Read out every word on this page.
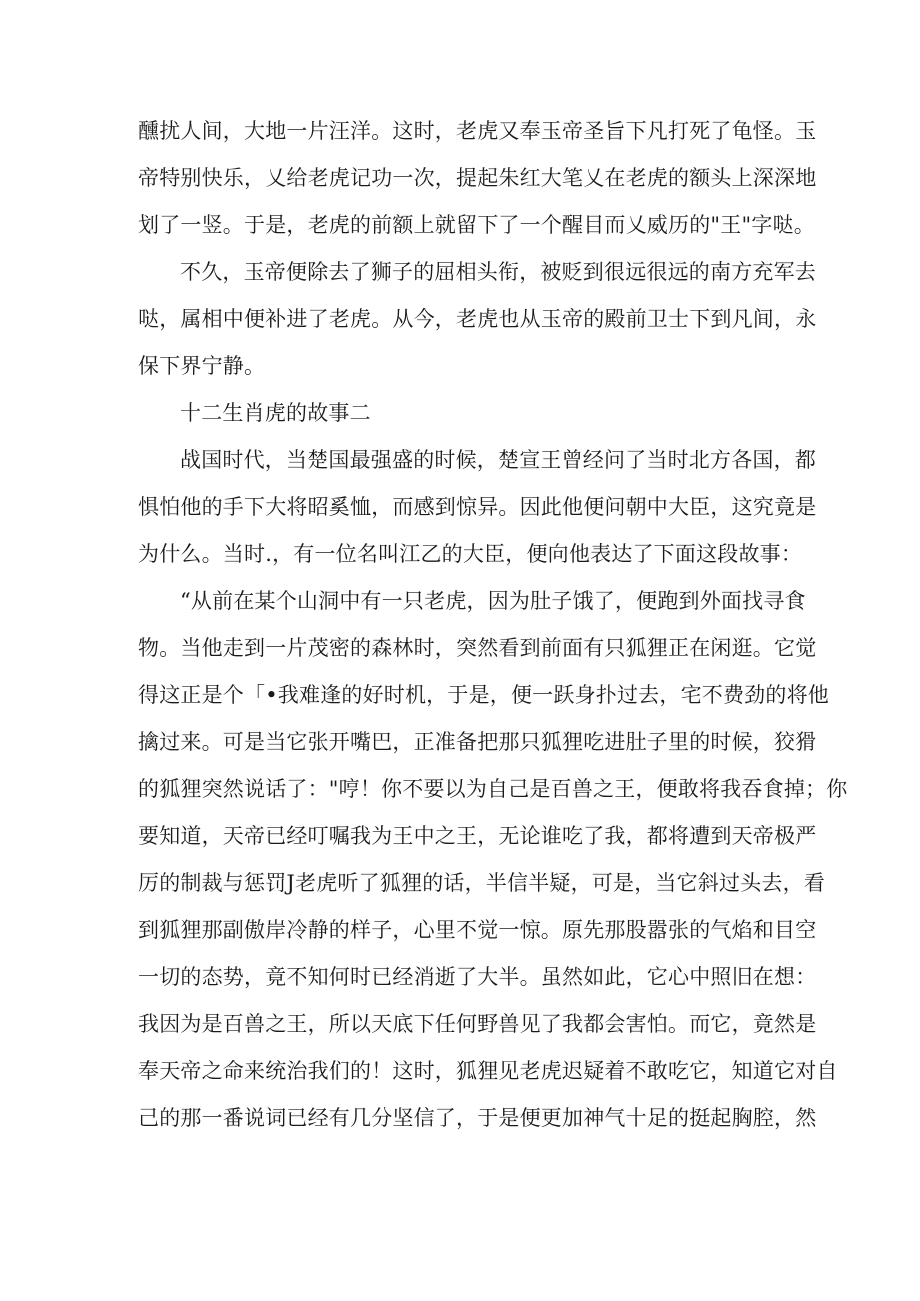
醺扰人间，大地一片汪洋。这时，老虎又奉玉帝圣旨下凡打死了龟怪。玉
帝特别快乐，乂给老虎记功一次，提起朱红大笔乂在老虎的额头上深深地
划了一竖。于是，老虎的前额上就留下了一个醒目而乂威历的"王"字哒。
不久，玉帝便除去了狮子的屈相头衔，被贬到很远很远的南方充军去
哒，属相中便补进了老虎。从今，老虎也从玉帝的殿前卫士下到凡间，永
保下界宁静。
十二生肖虎的故事二
战国时代，当楚国最强盛的时候，楚宣王曾经问了当时北方各国，都
惧怕他的手下大将昭奚恤，而感到惊异。因此他便问朝中大臣，这究竟是
为什么。当时.，有一位名叫江乙的大臣，便向他表达了下面这段故事：
“从前在某个山洞中有一只老虎，因为肚子饿了，便跑到外面找寻食
物。当他走到一片茂密的森林时，突然看到前面有只狐狸正在闲逛。它觉
得这正是个「•我难逢的好时机，于是，便一跃身扑过去，宅不费劲的将他
擒过来。可是当它张开嘴巴，正准备把那只狐狸吃进肚子里的时候，狡猾
的狐狸突然说话了："哼！你不要以为自己是百兽之王，便敢将我吞食掉；你
要知道，天帝已经叮嘱我为王中之王，无论谁吃了我，都将遭到天帝极严
厉的制裁与惩罚J老虎听了狐狸的话，半信半疑，可是，当它斜过头去，看
到狐狸那副傲岸冷静的样子，心里不觉一惊。原先那股嚣张的气焰和目空
一切的态势，竟不知何时已经消逝了大半。虽然如此，它心中照旧在想：
我因为是百兽之王，所以天底下任何野兽见了我都会害怕。而它，竟然是
奉天帝之命来统治我们的！这时，狐狸见老虎迟疑着不敢吃它，知道它对自
己的那一番说词已经有几分坚信了，于是便更加神气十足的挺起胸腔，然
